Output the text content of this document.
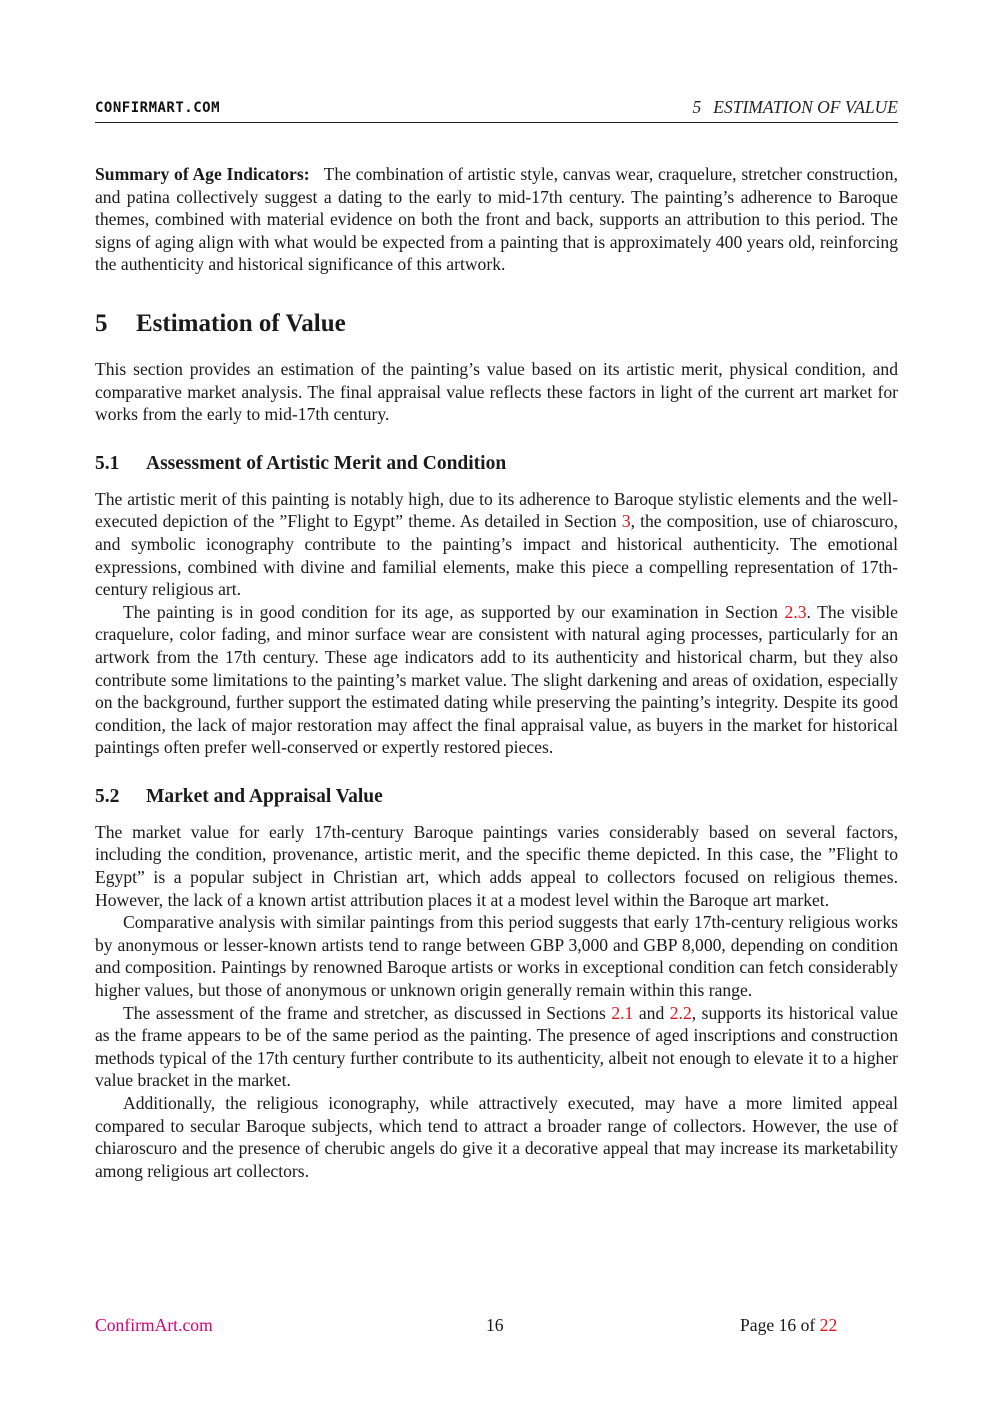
CONFIRMART.COM	5 ESTIMATION OF VALUE

Summary of Age Indicators: The combination of artistic style, canvas wear, craquelure, stretcher construction, and patina collectively suggest a dating to the early to mid-17th century. The painting’s adherence to Baroque themes, combined with material evidence on both the front and back, supports an attribution to this period. The signs of aging align with what would be expected from a painting that is approximately 400 years old, reinforcing the authenticity and historical significance of this artwork.

5 Estimation of Value

This section provides an estimation of the painting’s value based on its artistic merit, physical condition, and comparative market analysis. The final appraisal value reflects these factors in light of the current art market for works from the early to mid-17th century.

5.1 Assessment of Artistic Merit and Condition

The artistic merit of this painting is notably high, due to its adherence to Baroque stylistic elements and the well-executed depiction of the ”Flight to Egypt” theme. As detailed in Section 3, the composition, use of chiaroscuro, and symbolic iconography contribute to the painting’s impact and historical authenticity. The emotional expressions, combined with divine and familial elements, make this piece a compelling representation of 17th-century religious art.

The painting is in good condition for its age, as supported by our examination in Section 2.3. The visible craquelure, color fading, and minor surface wear are consistent with natural aging processes, particularly for an artwork from the 17th century. These age indicators add to its authenticity and historical charm, but they also contribute some limitations to the painting’s market value. The slight darkening and areas of oxidation, especially on the background, further support the estimated dating while preserving the painting’s integrity. Despite its good condition, the lack of major restoration may affect the final appraisal value, as buyers in the market for historical paintings often prefer well-conserved or expertly restored pieces.

5.2 Market and Appraisal Value

The market value for early 17th-century Baroque paintings varies considerably based on several factors, including the condition, provenance, artistic merit, and the specific theme depicted. In this case, the ”Flight to Egypt” is a popular subject in Christian art, which adds appeal to collectors focused on religious themes. However, the lack of a known artist attribution places it at a modest level within the Baroque art market.

Comparative analysis with similar paintings from this period suggests that early 17th-century religious works by anonymous or lesser-known artists tend to range between GBP 3,000 and GBP 8,000, depending on condition and composition. Paintings by renowned Baroque artists or works in exceptional condition can fetch considerably higher values, but those of anonymous or unknown origin generally remain within this range.

The assessment of the frame and stretcher, as discussed in Sections 2.1 and 2.2, supports its historical value as the frame appears to be of the same period as the painting. The presence of aged inscriptions and construction methods typical of the 17th century further contribute to its authenticity, albeit not enough to elevate it to a higher value bracket in the market.

Additionally, the religious iconography, while attractively executed, may have a more limited appeal compared to secular Baroque subjects, which tend to attract a broader range of collectors. However, the use of chiaroscuro and the presence of cherubic angels do give it a decorative appeal that may increase its marketability among religious art collectors.

ConfirmArt.com	16	Page 16 of 22
